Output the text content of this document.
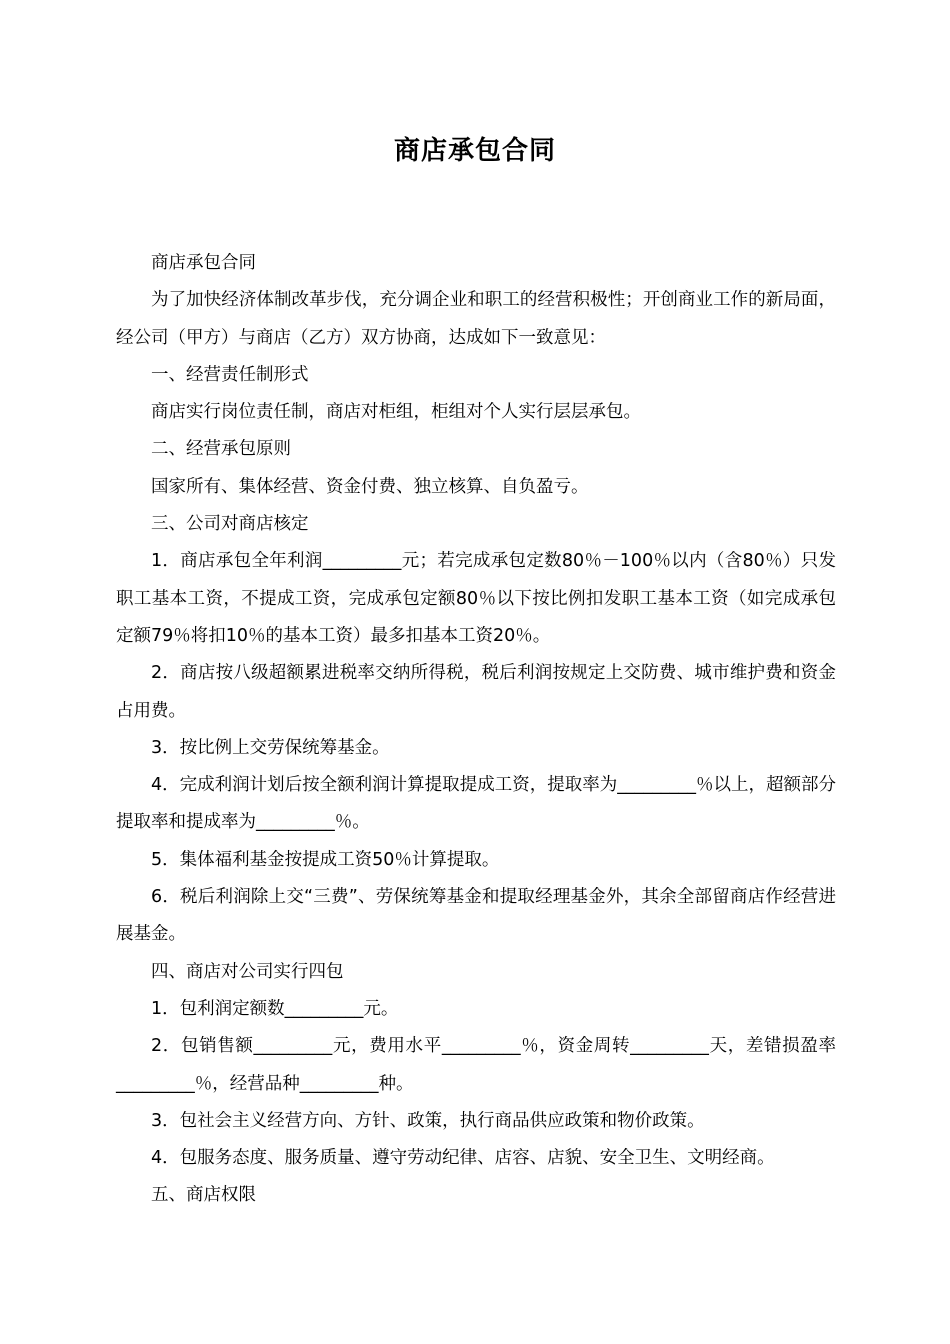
商店承包合同

商店承包合同

为了加快经济体制改革步伐，充分调企业和职工的经营积极性；开创商业工作的新局面，经公司（甲方）与商店（乙方）双方协商，达成如下一致意见：

一、经营责任制形式

商店实行岗位责任制，商店对柜组，柜组对个人实行层层承包。

二、经营承包原则

国家所有、集体经营、资金付费、独立核算、自负盈亏。

三、公司对商店核定

1．商店承包全年利润_________元；若完成承包定数80％－100％以内（含80％）只发职工基本工资，不提成工资，完成承包定额80％以下按比例扣发职工基本工资（如完成承包定额79％将扣10％的基本工资）最多扣基本工资20％。

2．商店按八级超额累进税率交纳所得税，税后利润按规定上交防费、城市维护费和资金占用费。

3．按比例上交劳保统筹基金。

4．完成利润计划后按全额利润计算提取提成工资，提取率为_________％以上，超额部分提取率和提成率为_________％。

5．集体福利基金按提成工资50％计算提取。

6．税后利润除上交“三费”、劳保统筹基金和提取经理基金外，其余全部留商店作经营进展基金。

四、商店对公司实行四包

1．包利润定额数_________元。

2．包销售额_________元，费用水平_________％，资金周转_________天，差错损盈率_________％，经营品种_________种。

3．包社会主义经营方向、方针、政策，执行商品供应政策和物价政策。

4．包服务态度、服务质量、遵守劳动纪律、店容、店貌、安全卫生、文明经商。

五、商店权限
